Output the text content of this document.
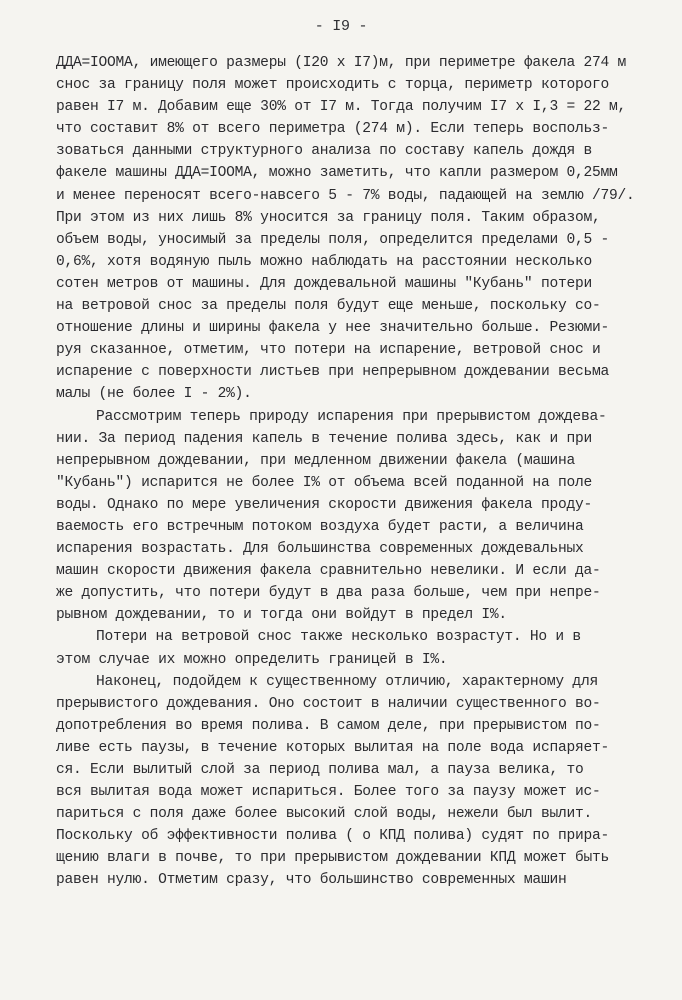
- I9 -
ДДА=IООМА, имеющего размеры (I20 x I7)м, при периметре факела 274 м
снос за границу поля может происходить с торца, периметр которого
равен I7 м. Добавим еще 30% от I7 м. Тогда получим I7 x I,3 = 22 м,
что составит 8% от всего периметра (274 м). Если теперь воспольз-
зоваться данными структурного анализа по составу капель дождя в
факеле машины ДДА=IООМА, можно заметить, что капли размером 0,25мм
и менее переносят всего-навсего 5 - 7% воды, падающей на землю /79/.
При этом из них лишь 8% уносится за границу поля. Таким образом,
объем воды, уносимый за пределы поля, определится пределами 0,5 -
0,6%, хотя водяную пыль можно наблюдать на расстоянии несколько
сотен метров от машины. Для дождевальной машины "Кубань" потери
на ветровой снос за пределы поля будут еще меньше, поскольку со-
отношение длины и ширины факела у нее значительно больше. Резюми-
руя сказанное, отметим, что потери на испарение, ветровой снос и
испарение с поверхности листьев при непрерывном дождевании весьма
малы (не более I - 2%).
Рассмотрим теперь природу испарения при прерывистом дождева-
нии. За период падения капель в течение полива здесь, как и при
непрерывном дождевании, при медленном движении факела (машина
"Кубань") испарится не более I% от объема всей поданной на поле
воды. Однако по мере увеличения скорости движения факела проду-
ваемость его встречным потоком воздуха будет расти, а величина
испарения возрастать. Для большинства современных дождевальных
машин скорости движения факела сравнительно невелики. И если да-
же допустить, что потери будут в два раза больше, чем при непре-
рывном дождевании, то и тогда они войдут в предел I%.
Потери на ветровой снос также несколько возрастут. Но и в
этом случае их можно определить границей в I%.
Наконец, подойдем к существенному отличию, характерному для
прерывистого дождевания. Оно состоит в наличии существенного во-
допотребления во время полива. В самом деле, при прерывистом по-
ливе есть паузы, в течение которых вылитая на поле вода испаряет-
ся. Если вылитый слой за период полива мал, а пауза велика, то
вся вылитая вода может испариться. Более того за паузу может ис-
париться с поля даже более высокий слой воды, нежели был вылит.
Поскольку об эффективности полива ( о КПД полива) судят по прира-
щению влаги в почве, то при прерывистом дождевании КПД может быть
равен нулю. Отметим сразу, что большинство современных машин
